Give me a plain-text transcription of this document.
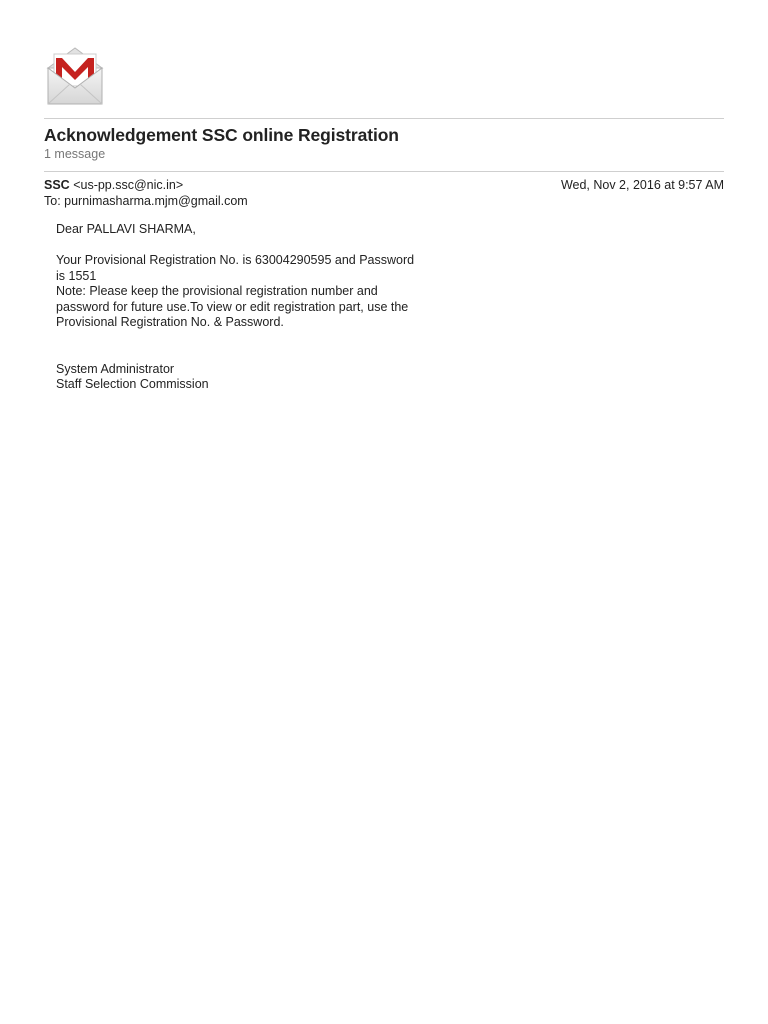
Acknowledgement SSC online Registration
1 message
SSC <us-pp.ssc@nic.in>	Wed, Nov 2, 2016 at 9:57 AM
To: purnimasharma.mjm@gmail.com

Dear PALLAVI SHARMA,

Your Provisional Registration No. is 63004290595 and Password

is 1551

Note: Please keep the provisional registration number and

password for future use.To view or edit registration part, use the

Provisional Registration No. & Password.

System Administrator

Staff Selection Commission
